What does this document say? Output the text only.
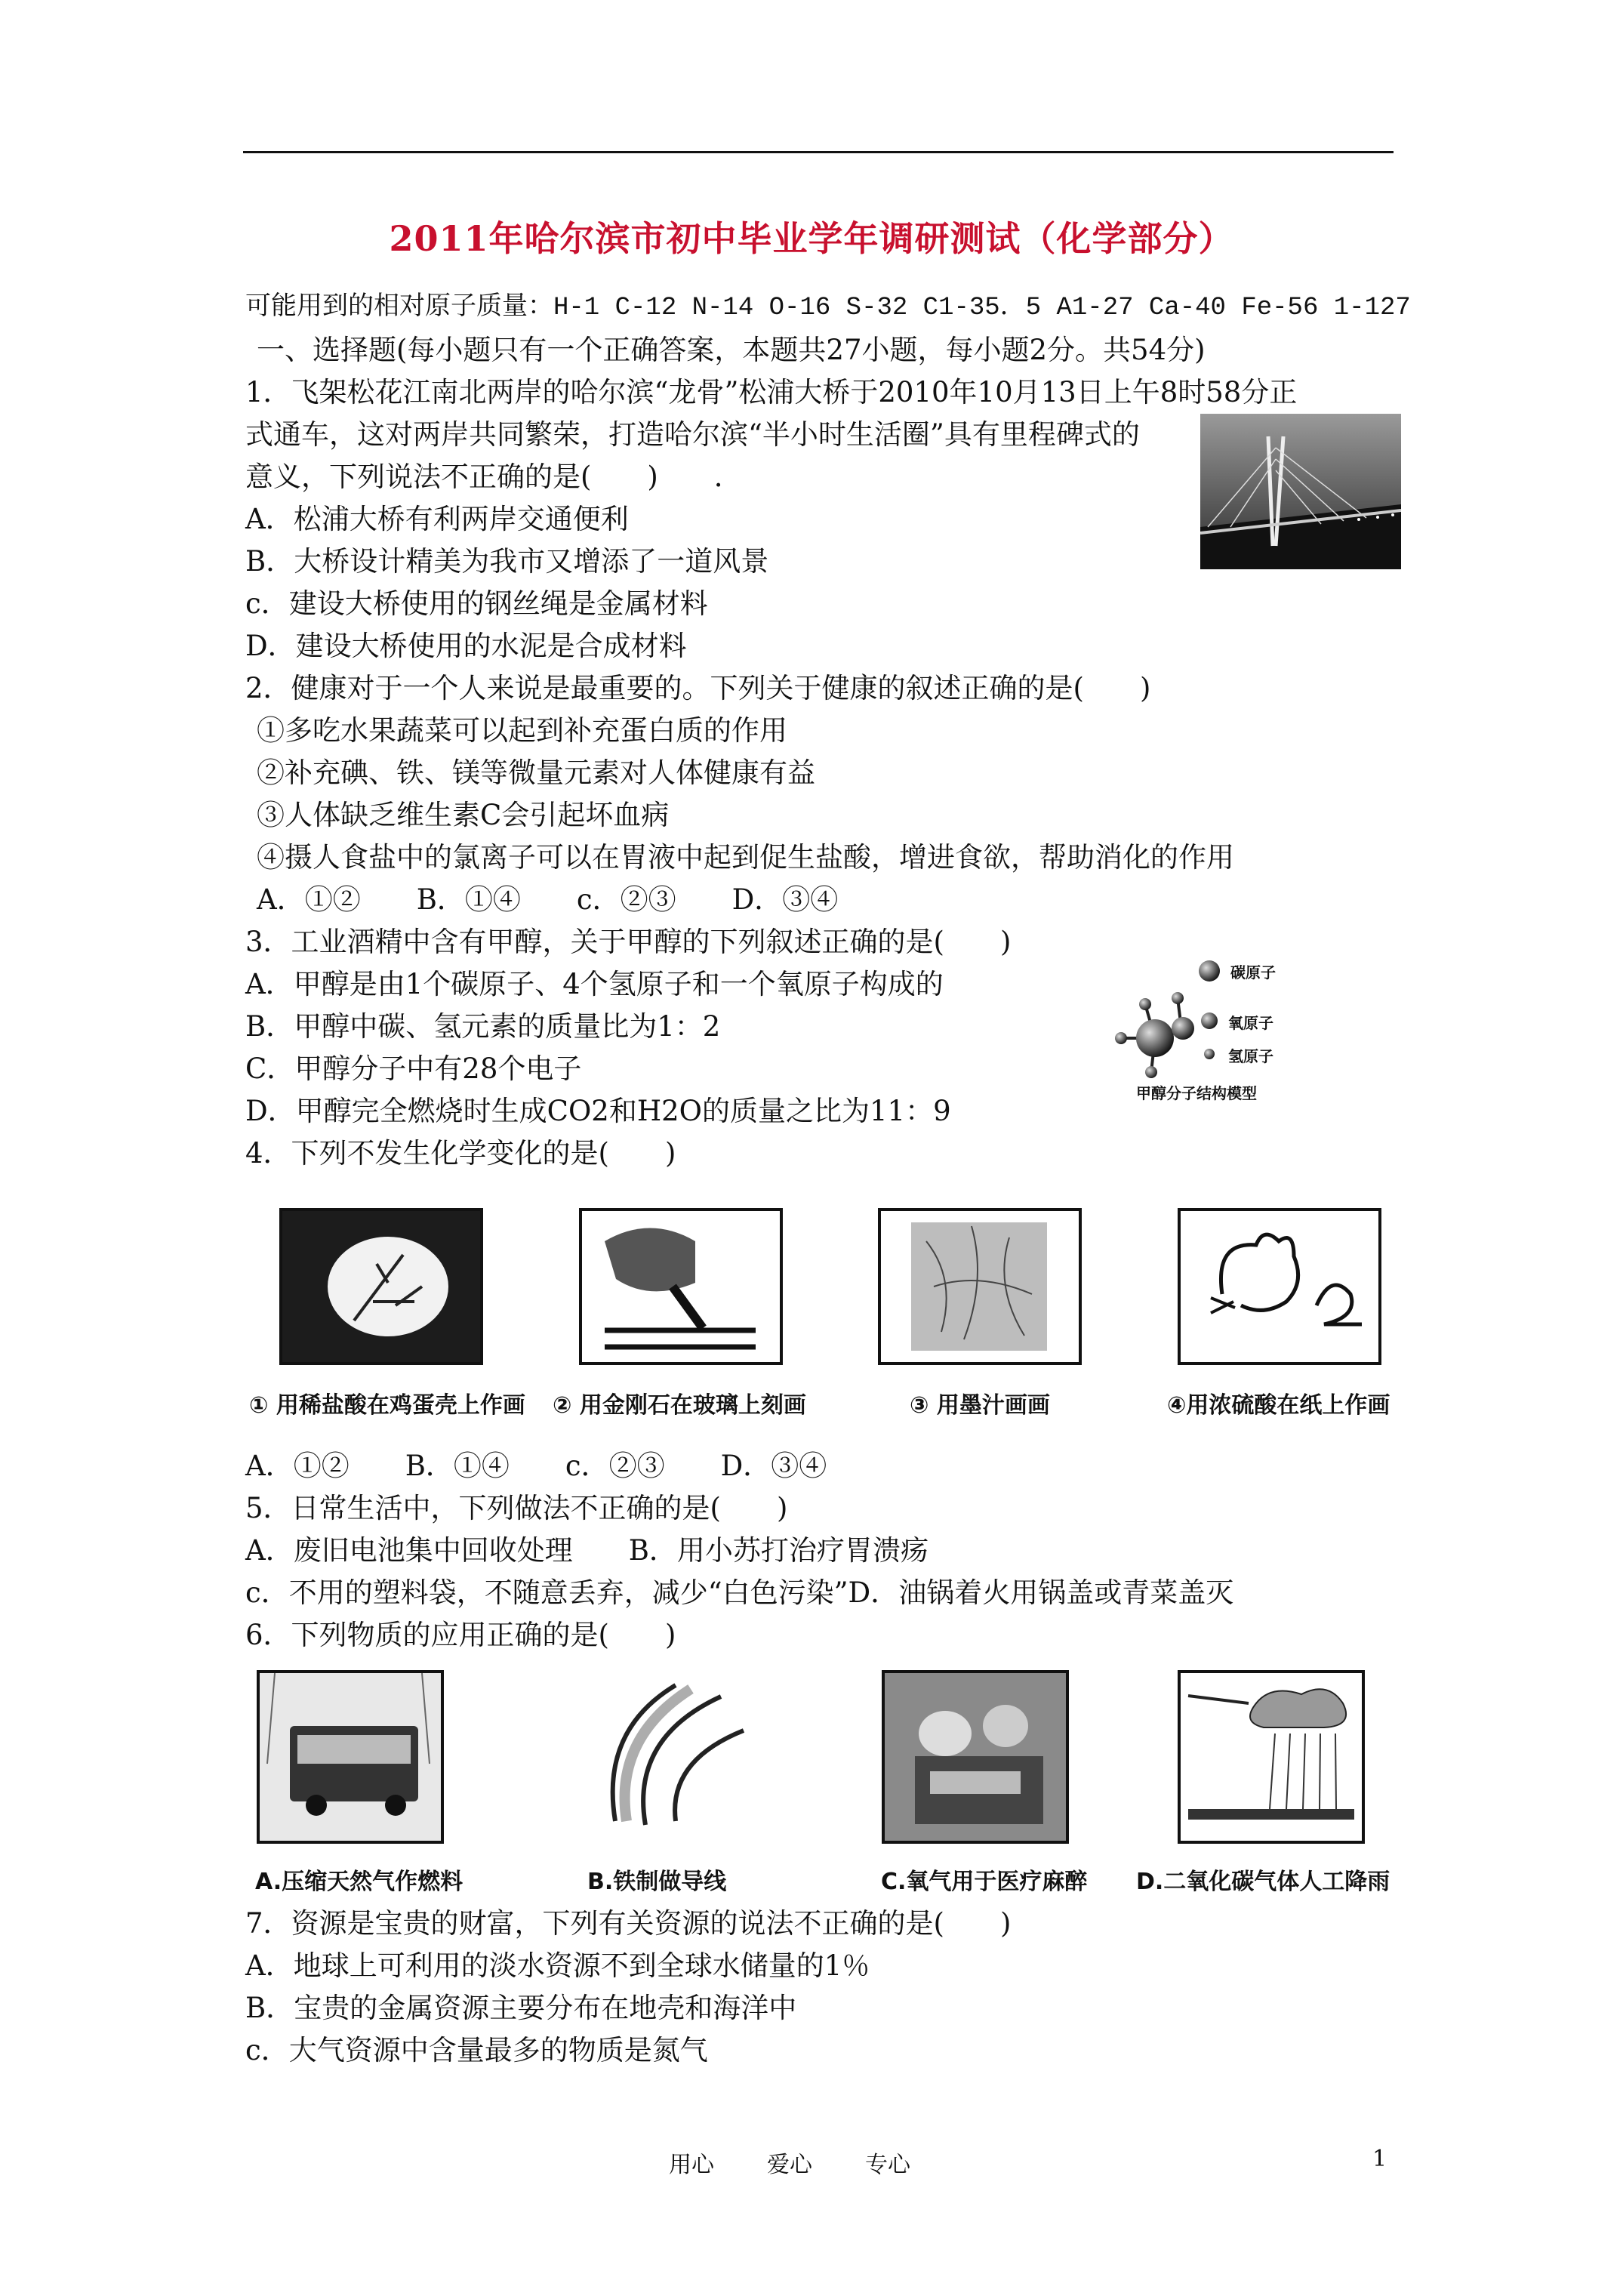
2011年哈尔滨市初中毕业学年调研测试（化学部分）
可能用到的相对原子质量：H-1 C-12 N-14 O-16 S-32 C1-35．5 A1-27 Ca-40 Fe-56 1-127
一、选择题(每小题只有一个正确答案，本题共27小题，每小题2分。共54分)
1．飞架松花江南北两岸的哈尔滨“龙骨”松浦大桥于2010年10月13日上午8时58分正
式通车，这对两岸共同繁荣，打造哈尔滨“半小时生活圈”具有里程碑式的
意义，下列说法不正确的是(　　)　　．
A．松浦大桥有利两岸交通便利
B．大桥设计精美为我市又增添了一道风景
c．建设大桥使用的钢丝绳是金属材料
D．建设大桥使用的水泥是合成材料
2．健康对于一个人来说是最重要的。下列关于健康的叙述正确的是(　　)
①多吃水果蔬菜可以起到补充蛋白质的作用
②补充碘、铁、镁等微量元素对人体健康有益
③人体缺乏维生素C会引起坏血病
④摄人食盐中的氯离子可以在胃液中起到促生盐酸，增进食欲，帮助消化的作用
A．①②　　B．①④　　c．②③　　D．③④
3．工业酒精中含有甲醇，关于甲醇的下列叙述正确的是(　　)
A．甲醇是由1个碳原子、4个氢原子和一个氧原子构成的
B．甲醇中碳、氢元素的质量比为1：2
C．甲醇分子中有28个电子
D．甲醇完全燃烧时生成CO2和H2O的质量之比为11：9
碳原子
氧原子
氢原子
甲醇分子结构模型
4．下列不发生化学变化的是(　　)
① 用稀盐酸在鸡蛋壳上作画 ② 用金刚石在玻璃上刻画	③ 用墨汁画画	④用浓硫酸在纸上作画
A．①②　　B．①④　　c．②③　　D．③④
5．日常生活中，下列做法不正确的是(　　)
A．废旧电池集中回收处理　　B．用小苏打治疗胃溃疡
c．不用的塑料袋，不随意丢弃，减少“白色污染”D．油锅着火用锅盖或青菜盖灭
6．下列物质的应用正确的是(　　)
A.压缩天然气作燃料	B.铁制做导线	C.氧气用于医疗麻醉 D.二氧化碳气体人工降雨
7．资源是宝贵的财富，下列有关资源的说法不正确的是(　　)
A．地球上可利用的淡水资源不到全球水储量的1％
B．宝贵的金属资源主要分布在地壳和海洋中
c．大气资源中含量最多的物质是氮气
用心 爱心 专心	1
